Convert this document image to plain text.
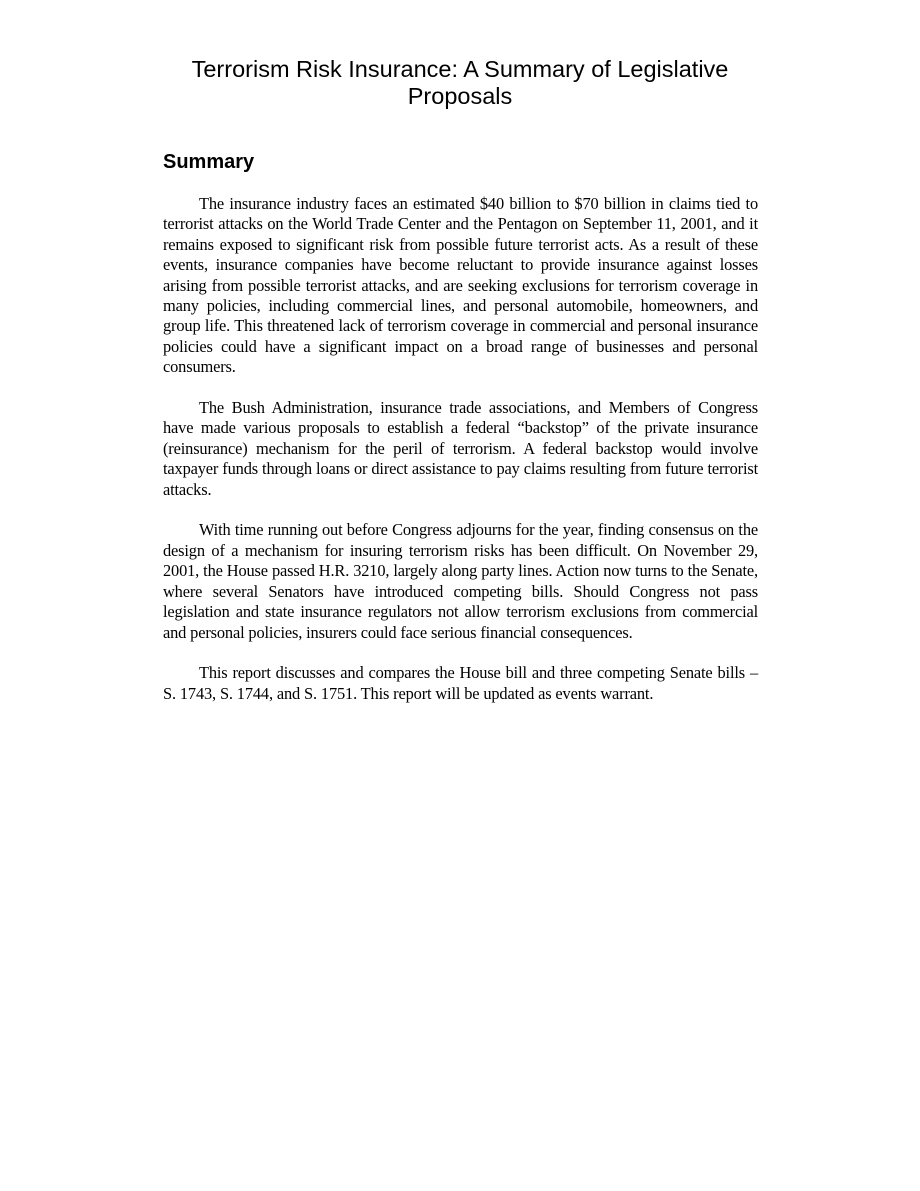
Terrorism Risk Insurance: A Summary of Legislative Proposals
Summary

The insurance industry faces an estimated $40 billion to $70 billion in claims tied to terrorist attacks on the World Trade Center and the Pentagon on September 11, 2001, and it remains exposed to significant risk from possible future terrorist acts. As a result of these events, insurance companies have become reluctant to provide insurance against losses arising from possible terrorist attacks, and are seeking exclusions for terrorism coverage in many policies, including commercial lines, and personal automobile, homeowners, and group life. This threatened lack of terrorism coverage in commercial and personal insurance policies could have a significant impact on a broad range of businesses and personal consumers.

The Bush Administration, insurance trade associations, and Members of Congress have made various proposals to establish a federal “backstop” of the private insurance (reinsurance) mechanism for the peril of terrorism. A federal backstop would involve taxpayer funds through loans or direct assistance to pay claims resulting from future terrorist attacks.

With time running out before Congress adjourns for the year, finding consensus on the design of a mechanism for insuring terrorism risks has been difficult. On November 29, 2001, the House passed H.R. 3210, largely along party lines. Action now turns to the Senate, where several Senators have introduced competing bills. Should Congress not pass legislation and state insurance regulators not allow terrorism exclusions from commercial and personal policies, insurers could face serious financial consequences.

This report discusses and compares the House bill and three competing Senate bills – S. 1743, S. 1744, and S. 1751. This report will be updated as events warrant.
